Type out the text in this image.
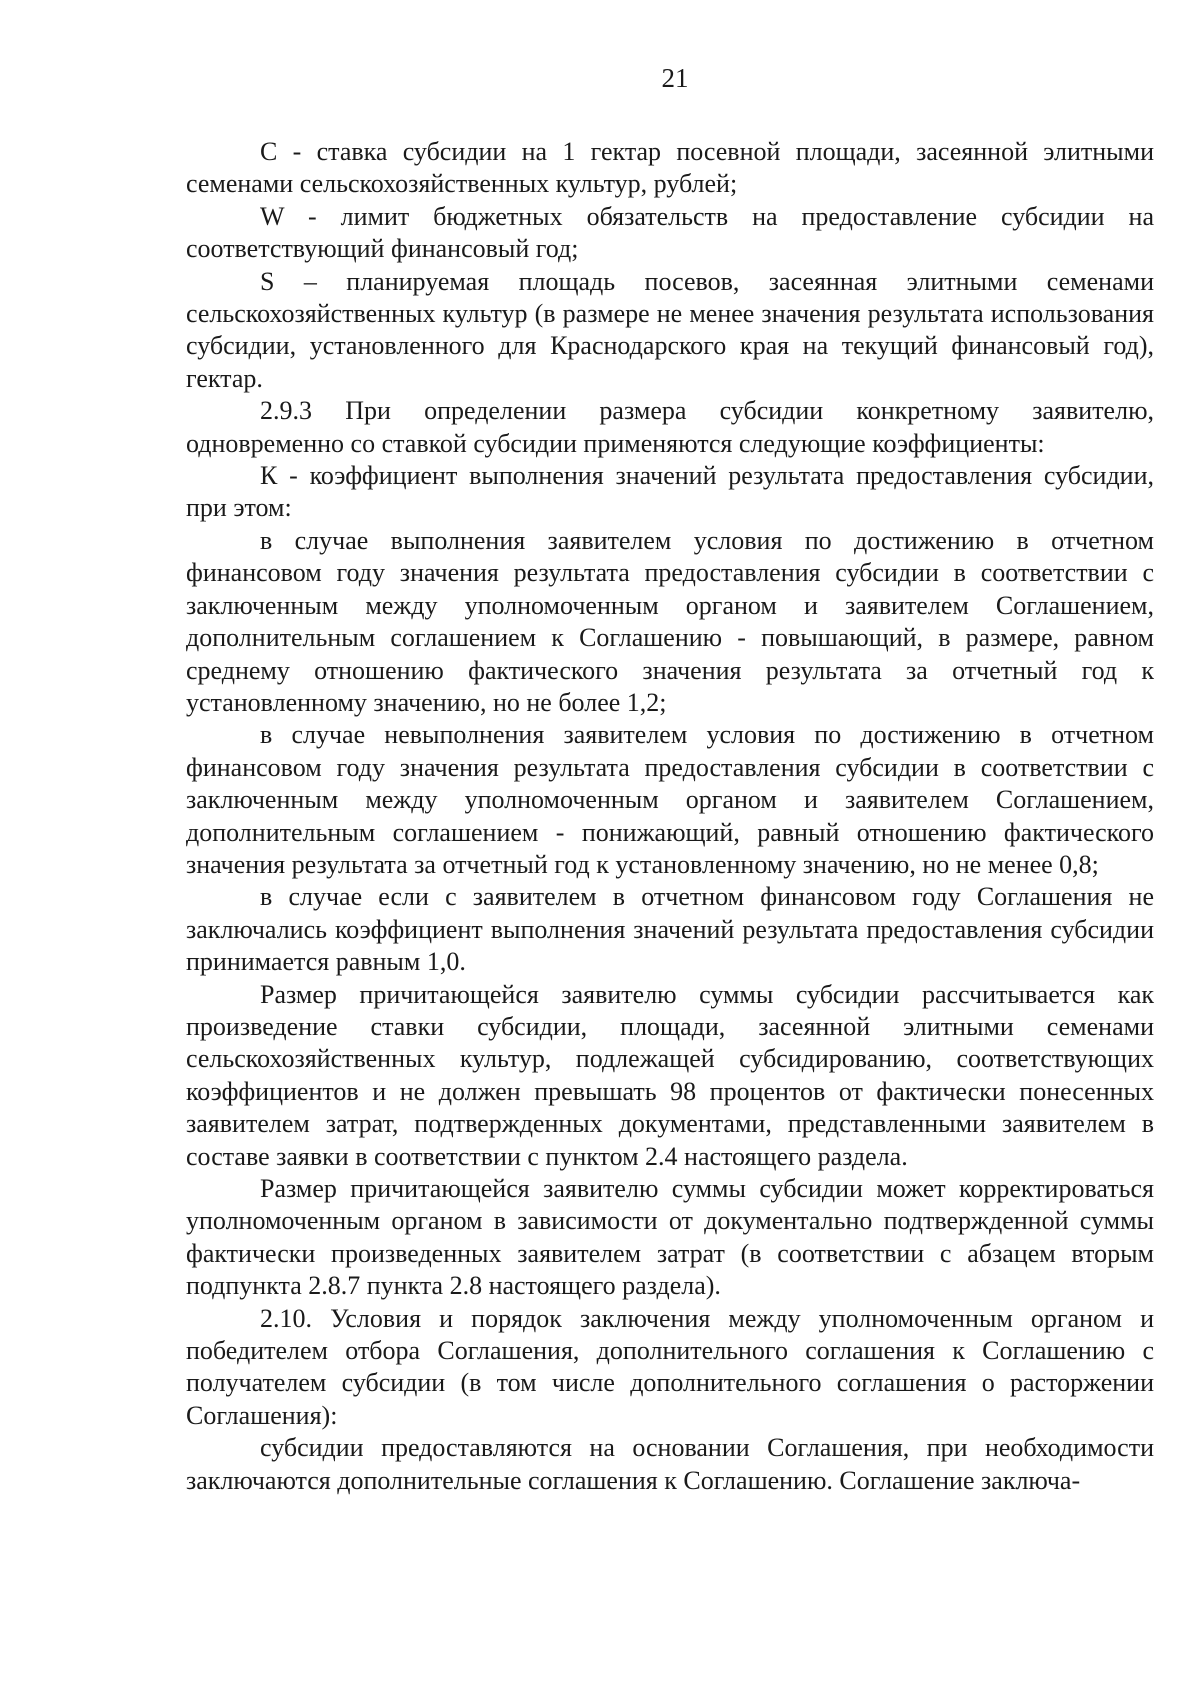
21

С - ставка субсидии на 1 гектар посевной площади, засеянной элитными семенами сельскохозяйственных культур, рублей;

W - лимит бюджетных обязательств на предоставление субсидии на соответствующий финансовый год;

S – планируемая площадь посевов, засеянная элитными семенами сельскохозяйственных культур (в размере не менее значения результата использования субсидии, установленного для Краснодарского края на текущий финансовый год), гектар.

2.9.3 При определении размера субсидии конкретному заявителю, одновременно со ставкой субсидии применяются следующие коэффициенты:

К - коэффициент выполнения значений результата предоставления субсидии, при этом:

в случае выполнения заявителем условия по достижению в отчетном финансовом году значения результата предоставления субсидии в соответствии с заключенным между уполномоченным органом и заявителем Соглашением, дополнительным соглашением к Соглашению - повышающий, в размере, равном среднему отношению фактического значения результата за отчетный год к установленному значению, но не более 1,2;

в случае невыполнения заявителем условия по достижению в отчетном финансовом году значения результата предоставления субсидии в соответствии с заключенным между уполномоченным органом и заявителем Соглашением, дополнительным соглашением - понижающий, равный отношению фактического значения результата за отчетный год к установленному значению, но не менее 0,8;

в случае если с заявителем в отчетном финансовом году Соглашения не заключались коэффициент выполнения значений результата предоставления субсидии принимается равным 1,0.

Размер причитающейся заявителю суммы субсидии рассчитывается как произведение ставки субсидии, площади, засеянной элитными семенами сельскохозяйственных культур, подлежащей субсидированию, соответствующих коэффициентов и не должен превышать 98 процентов от фактически понесенных заявителем затрат, подтвержденных документами, представленными заявителем в составе заявки в соответствии с пунктом 2.4 настоящего раздела.

Размер причитающейся заявителю суммы субсидии может корректироваться уполномоченным органом в зависимости от документально подтвержденной суммы фактически произведенных заявителем затрат (в соответствии с абзацем вторым подпункта 2.8.7 пункта 2.8 настоящего раздела).

2.10. Условия и порядок заключения между уполномоченным органом и победителем отбора Соглашения, дополнительного соглашения к Соглашению с получателем субсидии (в том числе дополнительного соглашения о расторжении Соглашения):

субсидии предоставляются на основании Соглашения, при необходимости заключаются дополнительные соглашения к Соглашению. Соглашение заключа-
